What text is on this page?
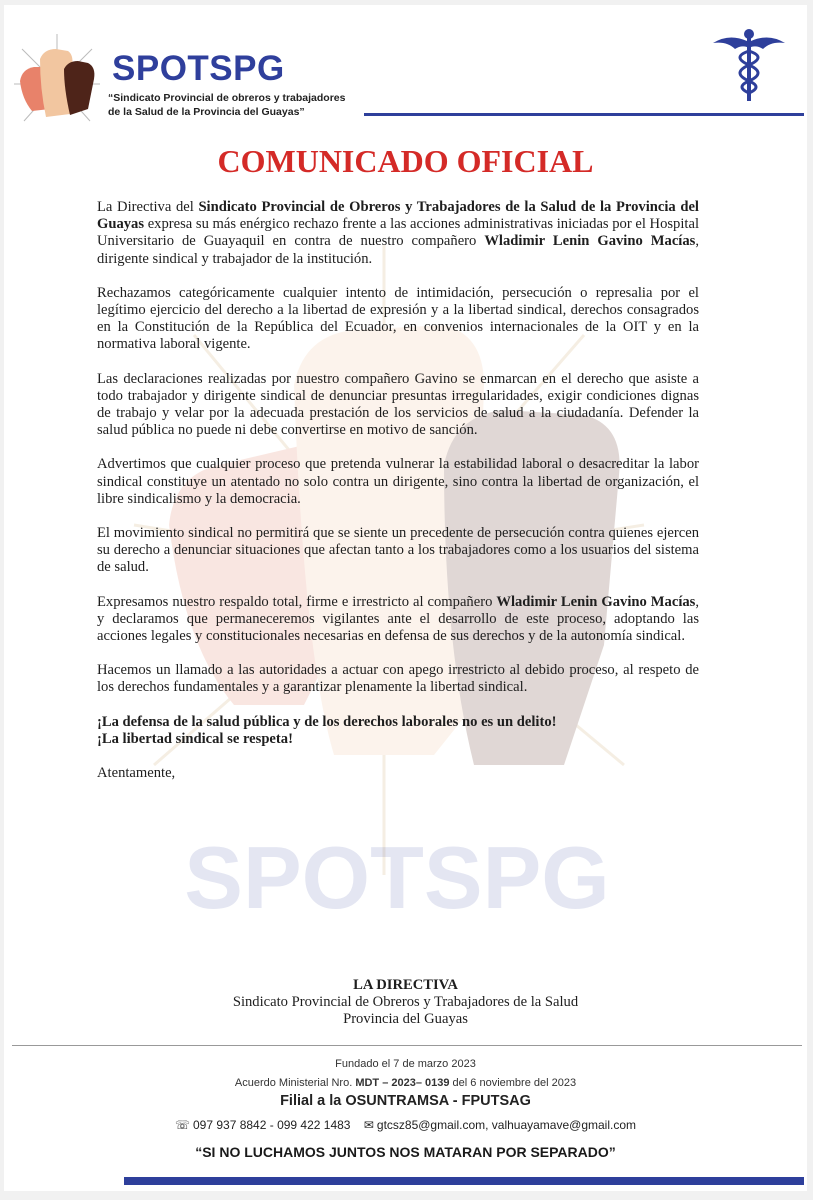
SPOTSPG
“Sindicato Provincial de obreros y trabajadores
de la Salud de la Provincia del Guayas”
COMUNICADO OFICIAL
SPOTSPG

La Directiva del Sindicato Provincial de Obreros y Trabajadores de la Salud de la Provincia del Guayas expresa su más enérgico rechazo frente a las acciones administrativas iniciadas por el Hospital Universitario de Guayaquil en contra de nuestro compañero Wladimir Lenin Gavino Macías, dirigente sindical y trabajador de la institución.

Rechazamos categóricamente cualquier intento de intimidación, persecución o represalia por el legítimo ejercicio del derecho a la libertad de expresión y a la libertad sindical, derechos consagrados en la Constitución de la República del Ecuador, en convenios internacionales de la OIT y en la normativa laboral vigente.

Las declaraciones realizadas por nuestro compañero Gavino se enmarcan en el derecho que asiste a todo trabajador y dirigente sindical de denunciar presuntas irregularidades, exigir condiciones dignas de trabajo y velar por la adecuada prestación de los servicios de salud a la ciudadanía. Defender la salud pública no puede ni debe convertirse en motivo de sanción.

Advertimos que cualquier proceso que pretenda vulnerar la estabilidad laboral o desacreditar la labor sindical constituye un atentado no solo contra un dirigente, sino contra la libertad de organización, el libre sindicalismo y la democracia.

El movimiento sindical no permitirá que se siente un precedente de persecución contra quienes ejercen su derecho a denunciar situaciones que afectan tanto a los trabajadores como a los usuarios del sistema de salud.

Expresamos nuestro respaldo total, firme e irrestricto al compañero Wladimir Lenin Gavino Macías, y declaramos que permaneceremos vigilantes ante el desarrollo de este proceso, adoptando las acciones legales y constitucionales necesarias en defensa de sus derechos y de la autonomía sindical.

Hacemos un llamado a las autoridades a actuar con apego irrestricto al debido proceso, al respeto de los derechos fundamentales y a garantizar plenamente la libertad sindical.

¡La defensa de la salud pública y de los derechos laborales no es un delito!
¡La libertad sindical se respeta!

Atentamente,

LA DIRECTIVA
Sindicato Provincial de Obreros y Trabajadores de la Salud
Provincia del Guayas
Fundado el 7 de marzo 2023
Acuerdo Ministerial Nro. MDT – 2023– 0139 del 6 noviembre del 2023
Filial a la OSUNTRAMSA - FPUTSAG
☏ 097 937 8842 - 099 422 1483 ✉ gtcsz85@gmail.com, valhuayamave@gmail.com
“SI NO LUCHAMOS JUNTOS NOS MATARAN POR SEPARADO”
